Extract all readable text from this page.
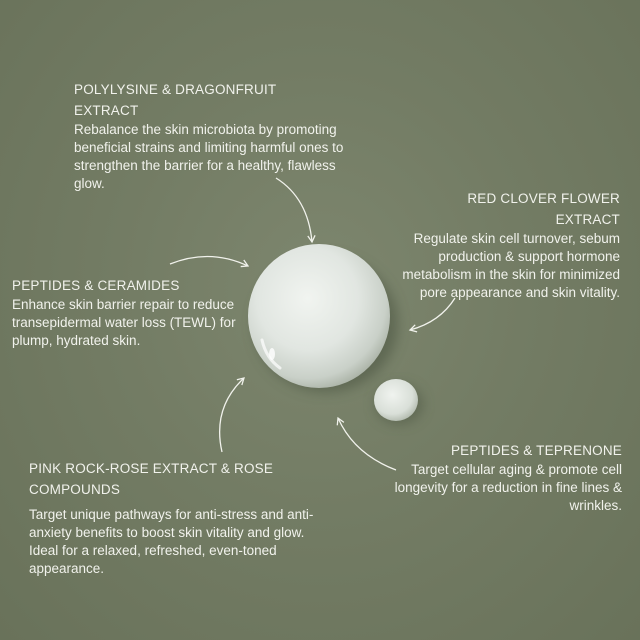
POLYLYSINE & DRAGONFRUIT
EXTRACT

Rebalance the skin microbiota by promoting beneficial strains and limiting harmful ones to strengthen the barrier for a healthy, flawless glow.

RED CLOVER FLOWER
EXTRACT

Regulate skin cell turnover, sebum production & support hormone metabolism in the skin for minimized pore appearance and skin vitality.

PEPTIDES & CERAMIDES

Enhance skin barrier repair to reduce transepidermal water loss (TEWL) for plump, hydrated skin.

PINK ROCK-ROSE EXTRACT & ROSE
COMPOUNDS

Target unique pathways for anti-stress and anti-anxiety benefits to boost skin vitality and glow. Ideal for a relaxed, refreshed, even-toned appearance.

PEPTIDES & TEPRENONE

Target cellular aging & promote cell longevity for a reduction in fine lines & wrinkles.
